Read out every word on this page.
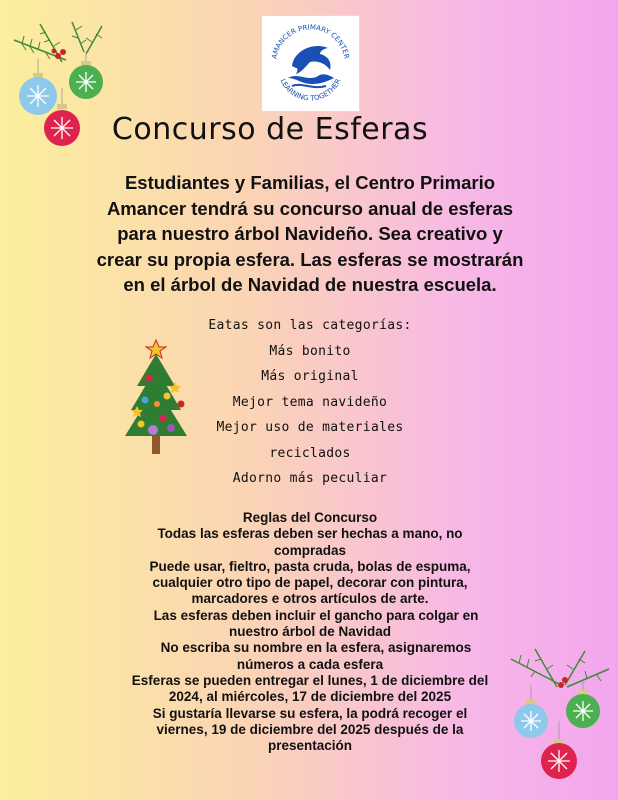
AMANCER PRIMARY CENTER
LEARNING TOGETHER
Concurso de Esferas
Estudiantes y Familias, el Centro Primario
Amancer tendrá su concurso anual de esferas
para nuestro árbol Navideño. Sea creativo y
crear su propia esfera. Las esferas se mostrarán
en el árbol de Navidad de nuestra escuela.
Eatas son las categorías:
Más bonito
Más original
Mejor tema navideño
Mejor uso de materiales
reciclados
Adorno más peculiar
Reglas del Concurso
Todas las esferas deben ser hechas a mano, no
compradas
Puede usar, fieltro, pasta cruda, bolas de espuma,
cualquier otro tipo de papel, decorar con pintura,
marcadores e otros artículos de arte.
Las esferas deben incluir el gancho para colgar en
nuestro árbol de Navidad
No escriba su nombre en la esfera, asignaremos
números a cada esfera
Esferas se pueden entregar el lunes, 1 de diciembre del
2024, al miércoles, 17 de diciembre del 2025
Si gustaría llevarse su esfera, la podrá recoger el
viernes, 19 de diciembre del 2025 después de la
presentación
